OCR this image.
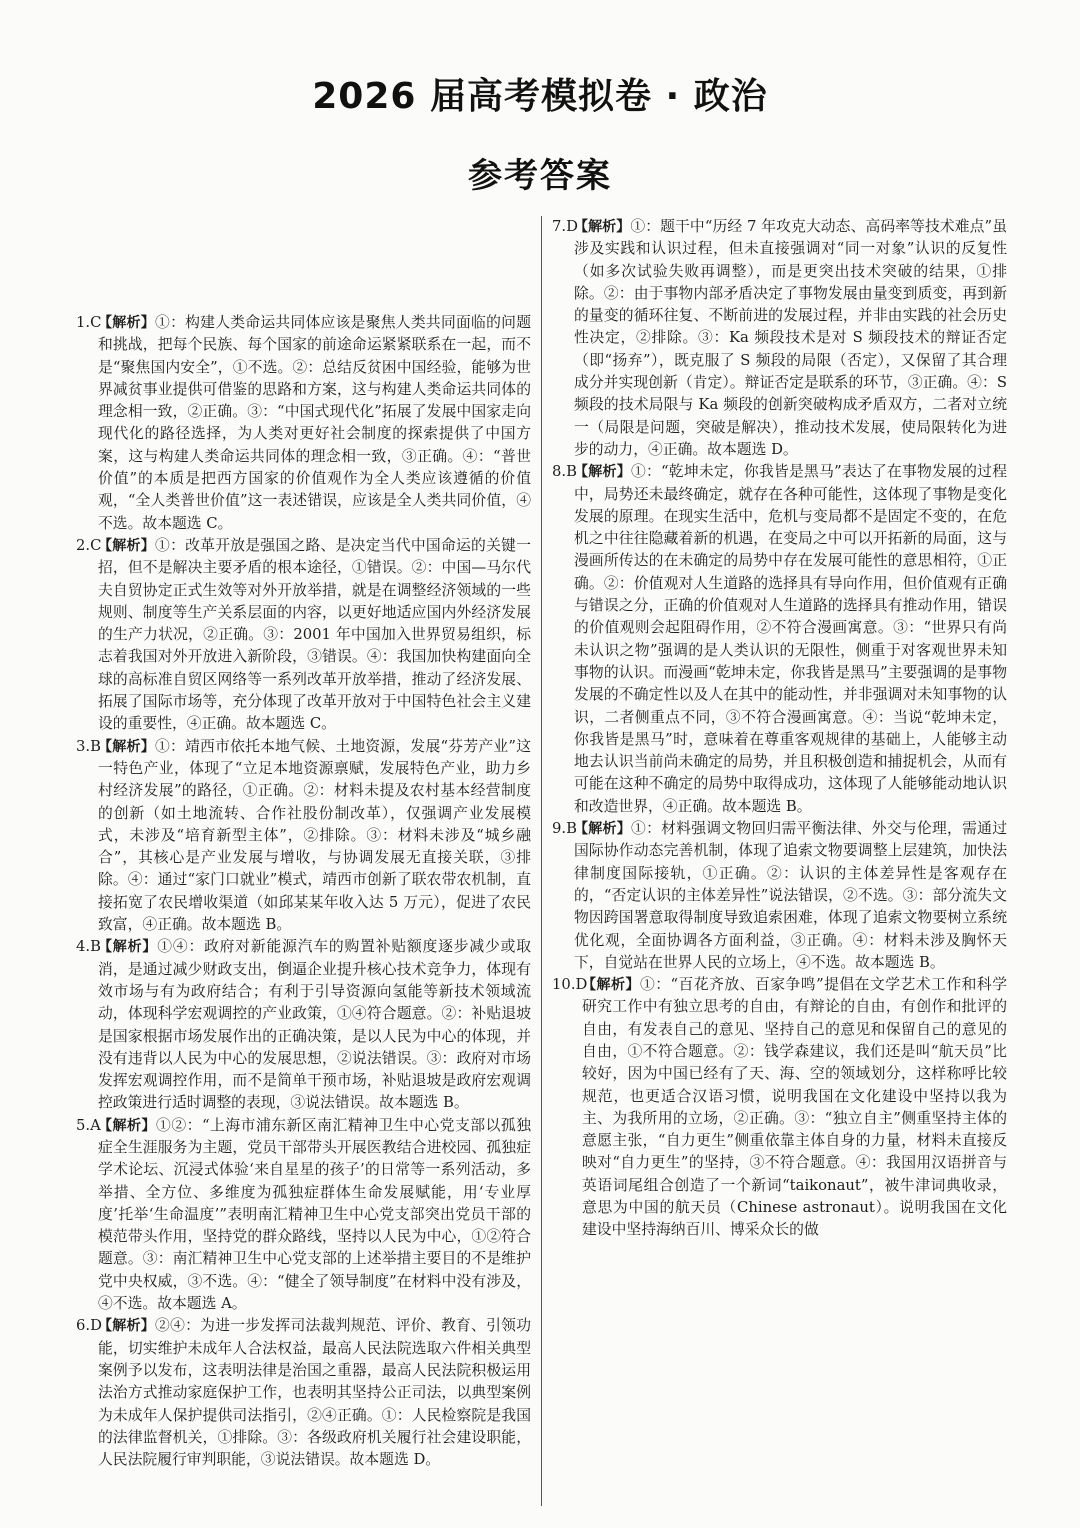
2026 届高考模拟卷 · 政治
参考答案

1.C
【解析】①：构建人类命运共同体应该是聚焦人类共同面临的问题和挑战，把每个民族、每个国家的前途命运紧紧联系在一起，而不是“聚焦国内安全”，①不选。②：总结反贫困中国经验，能够为世界减贫事业提供可借鉴的思路和方案，这与构建人类命运共同体的理念相一致，②正确。③：“中国式现代化”拓展了发展中国家走向现代化的路径选择，为人类对更好社会制度的探索提供了中国方案，这与构建人类命运共同体的理念相一致，③正确。④：“普世价值”的本质是把西方国家的价值观作为全人类应该遵循的价值观，“全人类普世价值”这一表述错误，应该是全人类共同价值，④不选。故本题选 C。

2.C
【解析】①：改革开放是强国之路、是决定当代中国命运的关键一招，但不是解决主要矛盾的根本途径，①错误。②：中国—马尔代夫自贸协定正式生效等对外开放举措，就是在调整经济领域的一些规则、制度等生产关系层面的内容，以更好地适应国内外经济发展的生产力状况，②正确。③：2001 年中国加入世界贸易组织，标志着我国对外开放进入新阶段，③错误。④：我国加快构建面向全球的高标准自贸区网络等一系列改革开放举措，推动了经济发展、拓展了国际市场等，充分体现了改革开放对于中国特色社会主义建设的重要性，④正确。故本题选 C。

3.B
【解析】①：靖西市依托本地气候、土地资源，发展“芬芳产业”这一特色产业，体现了“立足本地资源禀赋，发展特色产业，助力乡村经济发展”的路径，①正确。②：材料未提及农村基本经营制度的创新（如土地流转、合作社股份制改革），仅强调产业发展模式，未涉及“培育新型主体”，②排除。③：材料未涉及“城乡融合”，其核心是产业发展与增收，与协调发展无直接关联，③排除。④：通过“家门口就业”模式，靖西市创新了联农带农机制，直接拓宽了农民增收渠道（如邱某某年收入达 5 万元），促进了农民致富，④正确。故本题选 B。

4.B
【解析】①④：政府对新能源汽车的购置补贴额度逐步减少或取消，是通过减少财政支出，倒逼企业提升核心技术竞争力，体现有效市场与有为政府结合；有利于引导资源向氢能等新技术领域流动，体现科学宏观调控的产业政策，①④符合题意。②：补贴退坡是国家根据市场发展作出的正确决策，是以人民为中心的体现，并没有违背以人民为中心的发展思想，②说法错误。③：政府对市场发挥宏观调控作用，而不是简单干预市场，补贴退坡是政府宏观调控政策进行适时调整的表现，③说法错误。故本题选 B。

5.A
【解析】①②：“上海市浦东新区南汇精神卫生中心党支部以孤独症全生涯服务为主题，党员干部带头开展医教结合进校园、孤独症学术论坛、沉浸式体验‘来自星星的孩子’的日常等一系列活动，多举措、全方位、多维度为孤独症群体生命发展赋能，用‘专业厚度’托举‘生命温度’”表明南汇精神卫生中心党支部突出党员干部的模范带头作用，坚持党的群众路线，坚持以人民为中心，①②符合题意。③：南汇精神卫生中心党支部的上述举措主要目的不是维护党中央权威，③不选。④：“健全了领导制度”在材料中没有涉及，④不选。故本题选 A。

6.D
【解析】②④：为进一步发挥司法裁判规范、评价、教育、引领功能，切实维护未成年人合法权益，最高人民法院选取六件相关典型案例予以发布，这表明法律是治国之重器，最高人民法院积极运用法治方式推动家庭保护工作，也表明其坚持公正司法，以典型案例为未成年人保护提供司法指引，②④正确。①：人民检察院是我国的法律监督机关，①排除。③：各级政府机关履行社会建设职能，人民法院履行审判职能，③说法错误。故本题选 D。

7.D
【解析】①：题干中“历经 7 年攻克大动态、高码率等技术难点”虽涉及实践和认识过程，但未直接强调对“同一对象”认识的反复性（如多次试验失败再调整），而是更突出技术突破的结果，①排除。②：由于事物内部矛盾决定了事物发展由量变到质变，再到新的量变的循环往复、不断前进的发展过程，并非由实践的社会历史性决定，②排除。③：Ka 频段技术是对 S 频段技术的辩证否定（即“扬弃”），既克服了 S 频段的局限（否定），又保留了其合理成分并实现创新（肯定）。辩证否定是联系的环节，③正确。④：S 频段的技术局限与 Ka 频段的创新突破构成矛盾双方，二者对立统一（局限是问题，突破是解决），推动技术发展，使局限转化为进步的动力，④正确。故本题选 D。

8.B
【解析】①：“乾坤未定，你我皆是黑马”表达了在事物发展的过程中，局势还未最终确定，就存在各种可能性，这体现了事物是变化发展的原理。在现实生活中，危机与变局都不是固定不变的，在危机之中往往隐藏着新的机遇，在变局之中可以开拓新的局面，这与漫画所传达的在未确定的局势中存在发展可能性的意思相符，①正确。②：价值观对人生道路的选择具有导向作用，但价值观有正确与错误之分，正确的价值观对人生道路的选择具有推动作用，错误的价值观则会起阻碍作用，②不符合漫画寓意。③：“世界只有尚未认识之物”强调的是人类认识的无限性，侧重于对客观世界未知事物的认识。而漫画“乾坤未定，你我皆是黑马”主要强调的是事物发展的不确定性以及人在其中的能动性，并非强调对未知事物的认识，二者侧重点不同，③不符合漫画寓意。④：当说“乾坤未定，你我皆是黑马”时，意味着在尊重客观规律的基础上，人能够主动地去认识当前尚未确定的局势，并且积极创造和捕捉机会，从而有可能在这种不确定的局势中取得成功，这体现了人能够能动地认识和改造世界，④正确。故本题选 B。

9.B
【解析】①：材料强调文物回归需平衡法律、外交与伦理，需通过国际协作动态完善机制，体现了追索文物要调整上层建筑，加快法律制度国际接轨，①正确。②：认识的主体差异性是客观存在的，“否定认识的主体差异性”说法错误，②不选。③：部分流失文物因跨国署意取得制度导致追索困难，体现了追索文物要树立系统优化观，全面协调各方面利益，③正确。④：材料未涉及胸怀天下，自觉站在世界人民的立场上，④不选。故本题选 B。

10.D
【解析】①：“百花齐放、百家争鸣”提倡在文学艺术工作和科学研究工作中有独立思考的自由，有辩论的自由，有创作和批评的自由，有发表自己的意见、坚持自己的意见和保留自己的意见的自由，①不符合题意。②：钱学森建议，我们还是叫“航天员”比较好，因为中国已经有了天、海、空的领域划分，这样称呼比较规范，也更适合汉语习惯，说明我国在文化建设中坚持以我为主、为我所用的立场，②正确。③：“独立自主”侧重坚持主体的意愿主张，“自力更生”侧重依靠主体自身的力量，材料未直接反映对“自力更生”的坚持，③不符合题意。④：我国用汉语拼音与英语词尾组合创造了一个新词“taikonaut”，被牛津词典收录，意思为中国的航天员（Chinese astronaut）。说明我国在文化建设中坚持海纳百川、博采众长的做
